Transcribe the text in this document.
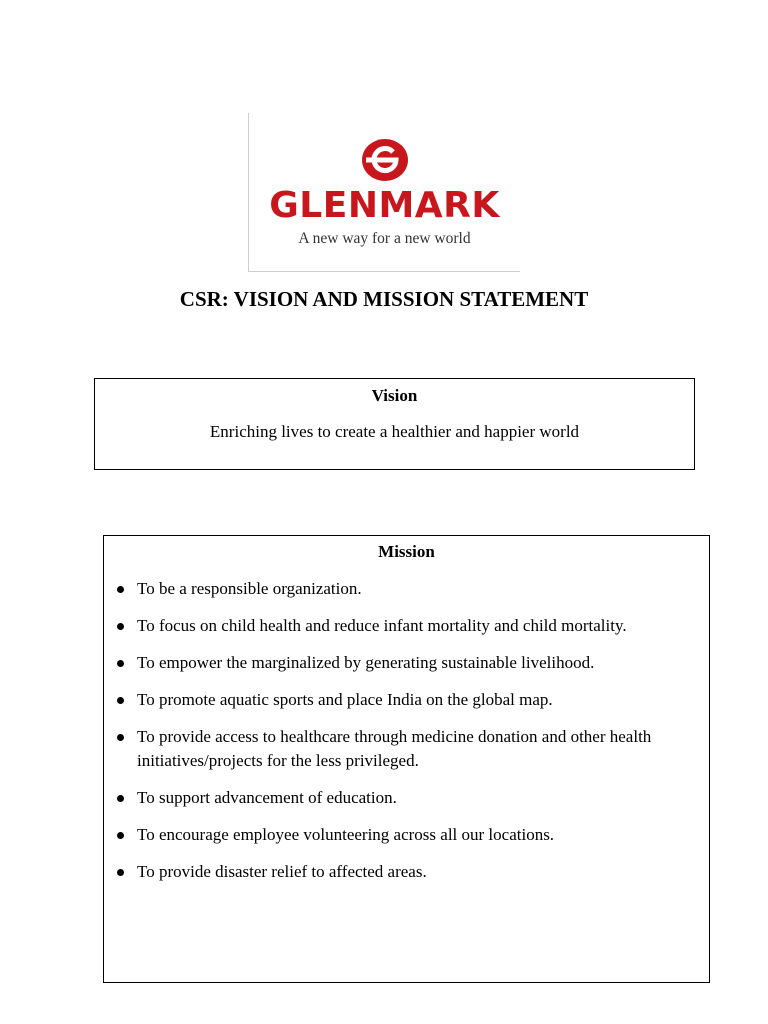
GLENMARK
A new way for a new world
CSR: VISION AND MISSION STATEMENT
Vision
Enriching lives to create a healthier and happier world
Mission
To be a responsible organization.
To focus on child health and reduce infant mortality and child mortality.
To empower the marginalized by generating sustainable livelihood.
To promote aquatic sports and place India on the global map.
To provide access to healthcare through medicine donation and other health initiatives/projects for the less privileged.
To support advancement of education.
To encourage employee volunteering across all our locations.
To provide disaster relief to affected areas.
